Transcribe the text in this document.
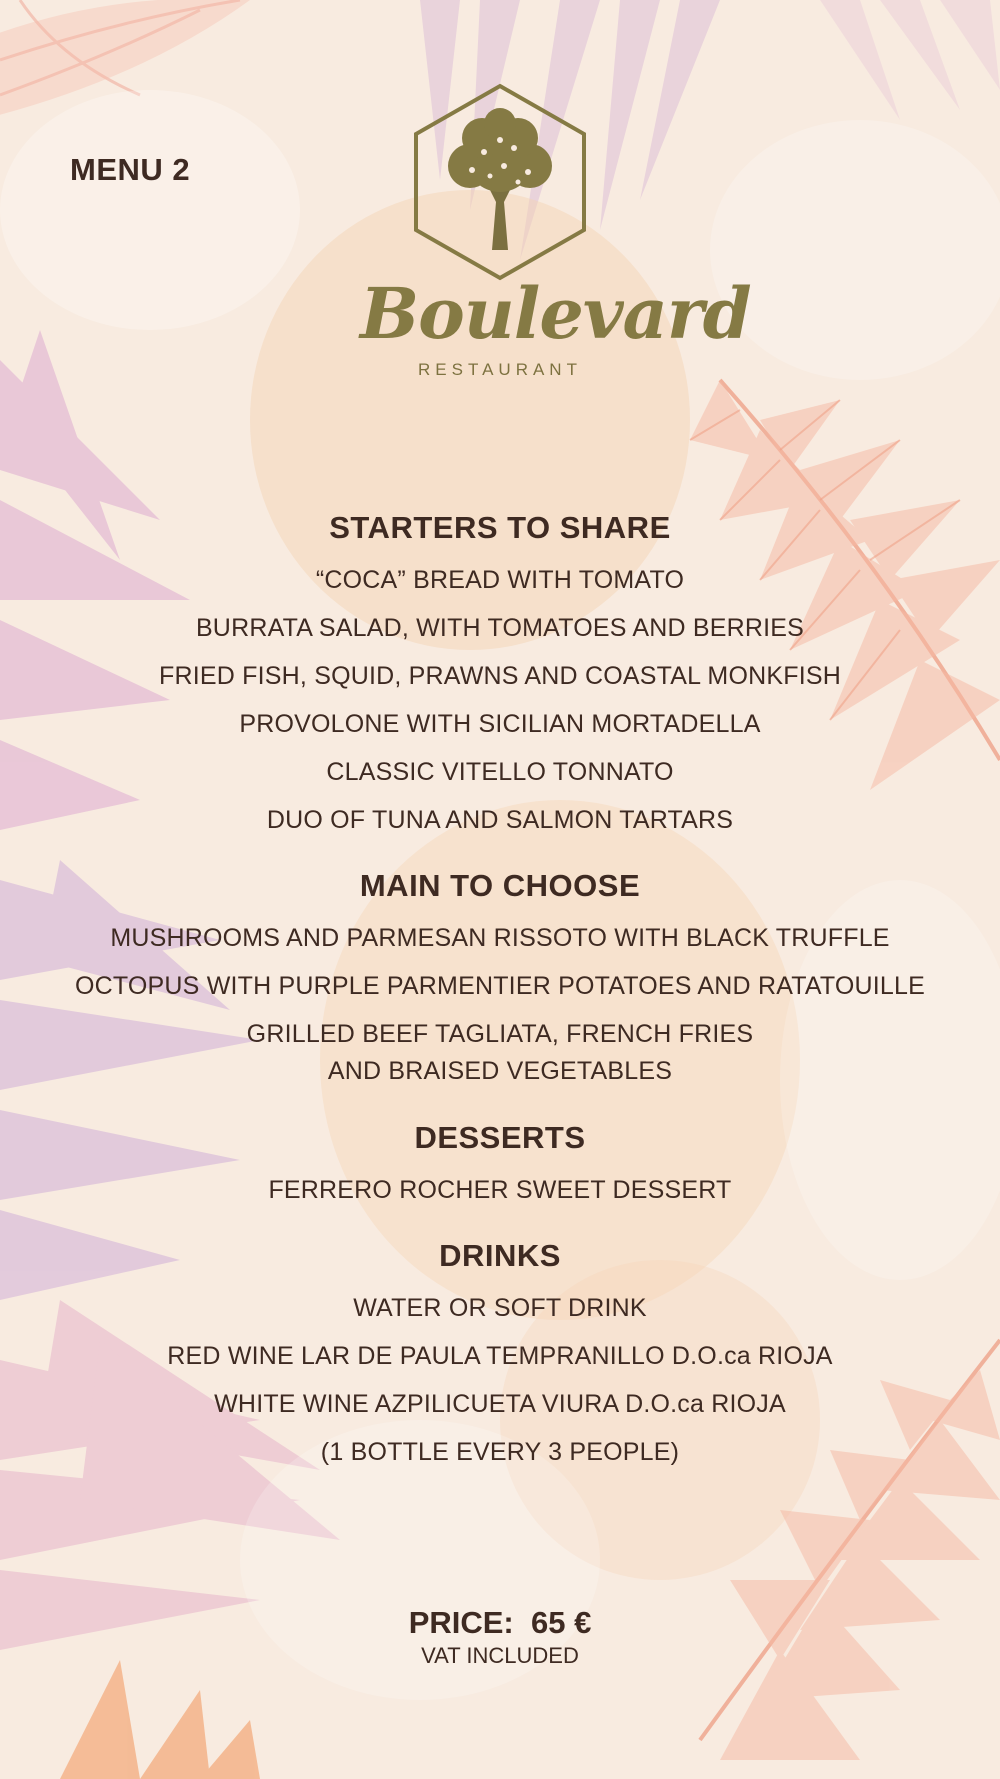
MENU 2
Boulevard
RESTAURANT
STARTERS TO SHARE
“COCA” BREAD WITH TOMATO
BURRATA SALAD, WITH TOMATOES AND BERRIES
FRIED FISH, SQUID, PRAWNS AND COASTAL MONKFISH
PROVOLONE WITH SICILIAN MORTADELLA
CLASSIC VITELLO TONNATO
DUO OF TUNA AND SALMON TARTARS
MAIN TO CHOOSE
MUSHROOMS AND PARMESAN RISSOTO WITH BLACK TRUFFLE
OCTOPUS WITH PURPLE PARMENTIER POTATOES AND RATATOUILLE
GRILLED BEEF TAGLIATA, FRENCH FRIES
AND BRAISED VEGETABLES
DESSERTS
FERRERO ROCHER SWEET DESSERT
DRINKS
WATER OR SOFT DRINK
RED WINE LAR DE PAULA TEMPRANILLO D.O.ca RIOJA
WHITE WINE AZPILICUETA VIURA D.O.ca RIOJA
(1 BOTTLE EVERY 3 PEOPLE)
PRICE:  65 €
VAT INCLUDED
